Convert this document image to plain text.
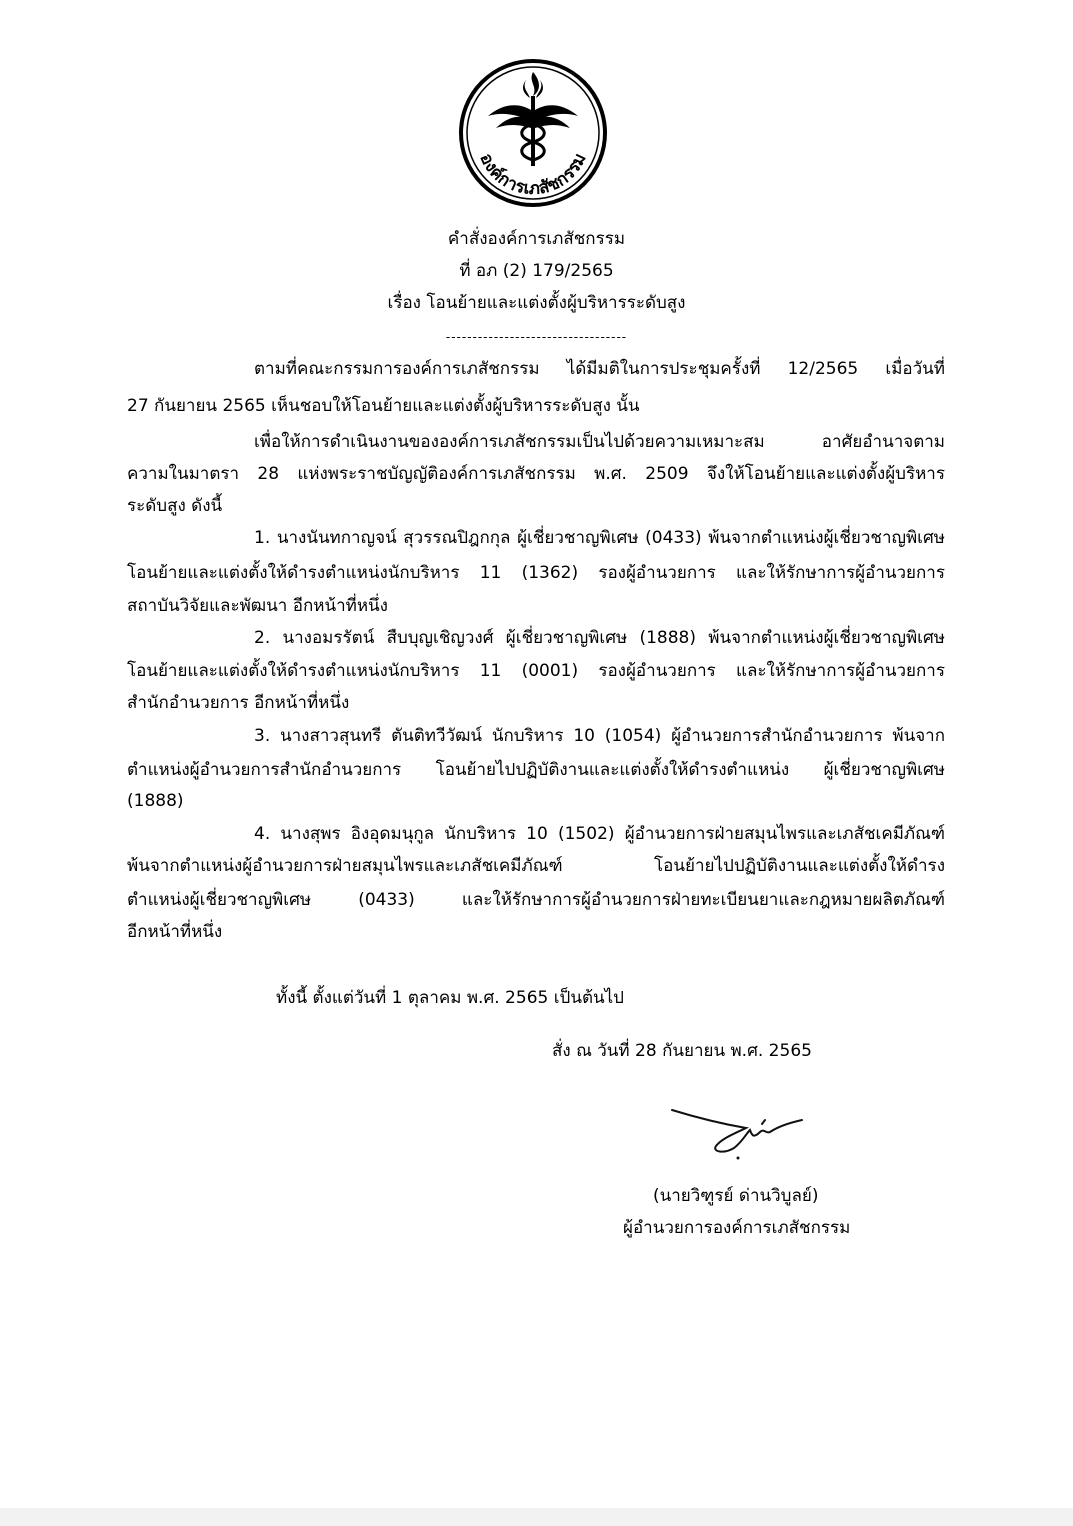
องค์การเภสัชกรรม
คำสั่งองค์การเภสัชกรรม
ที่ อภ (2) 179/2565
เรื่อง โอนย้ายและแต่งตั้งผู้บริหารระดับสูง
----------------------------------
ตามที่คณะกรรมการองค์การเภสัชกรรม ได้มีมติในการประชุมครั้งที่ 12/2565 เมื่อวันที่
27 กันยายน 2565 เห็นชอบให้โอนย้ายและแต่งตั้งผู้บริหารระดับสูง นั้น
เพื่อให้การดำเนินงานขององค์การเภสัชกรรมเป็นไปด้วยความเหมาะสม อาศัยอำนาจตาม
ความในมาตรา 28 แห่งพระราชบัญญัติองค์การเภสัชกรรม พ.ศ. 2509 จึงให้โอนย้ายและแต่งตั้งผู้บริหาร
ระดับสูง ดังนี้
1. นางนันทกาญจน์ สุวรรณปิฎกกุล ผู้เชี่ยวชาญพิเศษ (0433) พ้นจากตำแหน่งผู้เชี่ยวชาญพิเศษ
โอนย้ายและแต่งตั้งให้ดำรงตำแหน่งนักบริหาร 11 (1362) รองผู้อำนวยการ และให้รักษาการผู้อำนวยการ
สถาบันวิจัยและพัฒนา อีกหน้าที่หนึ่ง
2. นางอมรรัตน์ สืบบุญเชิญวงศ์ ผู้เชี่ยวชาญพิเศษ (1888) พ้นจากตำแหน่งผู้เชี่ยวชาญพิเศษ
โอนย้ายและแต่งตั้งให้ดำรงตำแหน่งนักบริหาร 11 (0001) รองผู้อำนวยการ และให้รักษาการผู้อำนวยการ
สำนักอำนวยการ อีกหน้าที่หนึ่ง
3. นางสาวสุนทรี ตันติทวีวัฒน์ นักบริหาร 10 (1054) ผู้อำนวยการสำนักอำนวยการ พ้นจาก
ตำแหน่งผู้อำนวยการสำนักอำนวยการ โอนย้ายไปปฏิบัติงานและแต่งตั้งให้ดำรงตำแหน่ง ผู้เชี่ยวชาญพิเศษ
(1888)
4. นางสุพร อิงอุดมนุกูล นักบริหาร 10 (1502) ผู้อำนวยการฝ่ายสมุนไพรและเภสัชเคมีภัณฑ์
พ้นจากตำแหน่งผู้อำนวยการฝ่ายสมุนไพรและเภสัชเคมีภัณฑ์ โอนย้ายไปปฏิบัติงานและแต่งตั้งให้ดำรง
ตำแหน่งผู้เชี่ยวชาญพิเศษ (0433) และให้รักษาการผู้อำนวยการฝ่ายทะเบียนยาและกฎหมายผลิตภัณฑ์
อีกหน้าที่หนึ่ง
ทั้งนี้ ตั้งแต่วันที่ 1 ตุลาคม พ.ศ. 2565 เป็นต้นไป
สั่ง ณ วันที่ 28 กันยายน พ.ศ. 2565
(นายวิฑูรย์ ด่านวิบูลย์)
ผู้อำนวยการองค์การเภสัชกรรม
